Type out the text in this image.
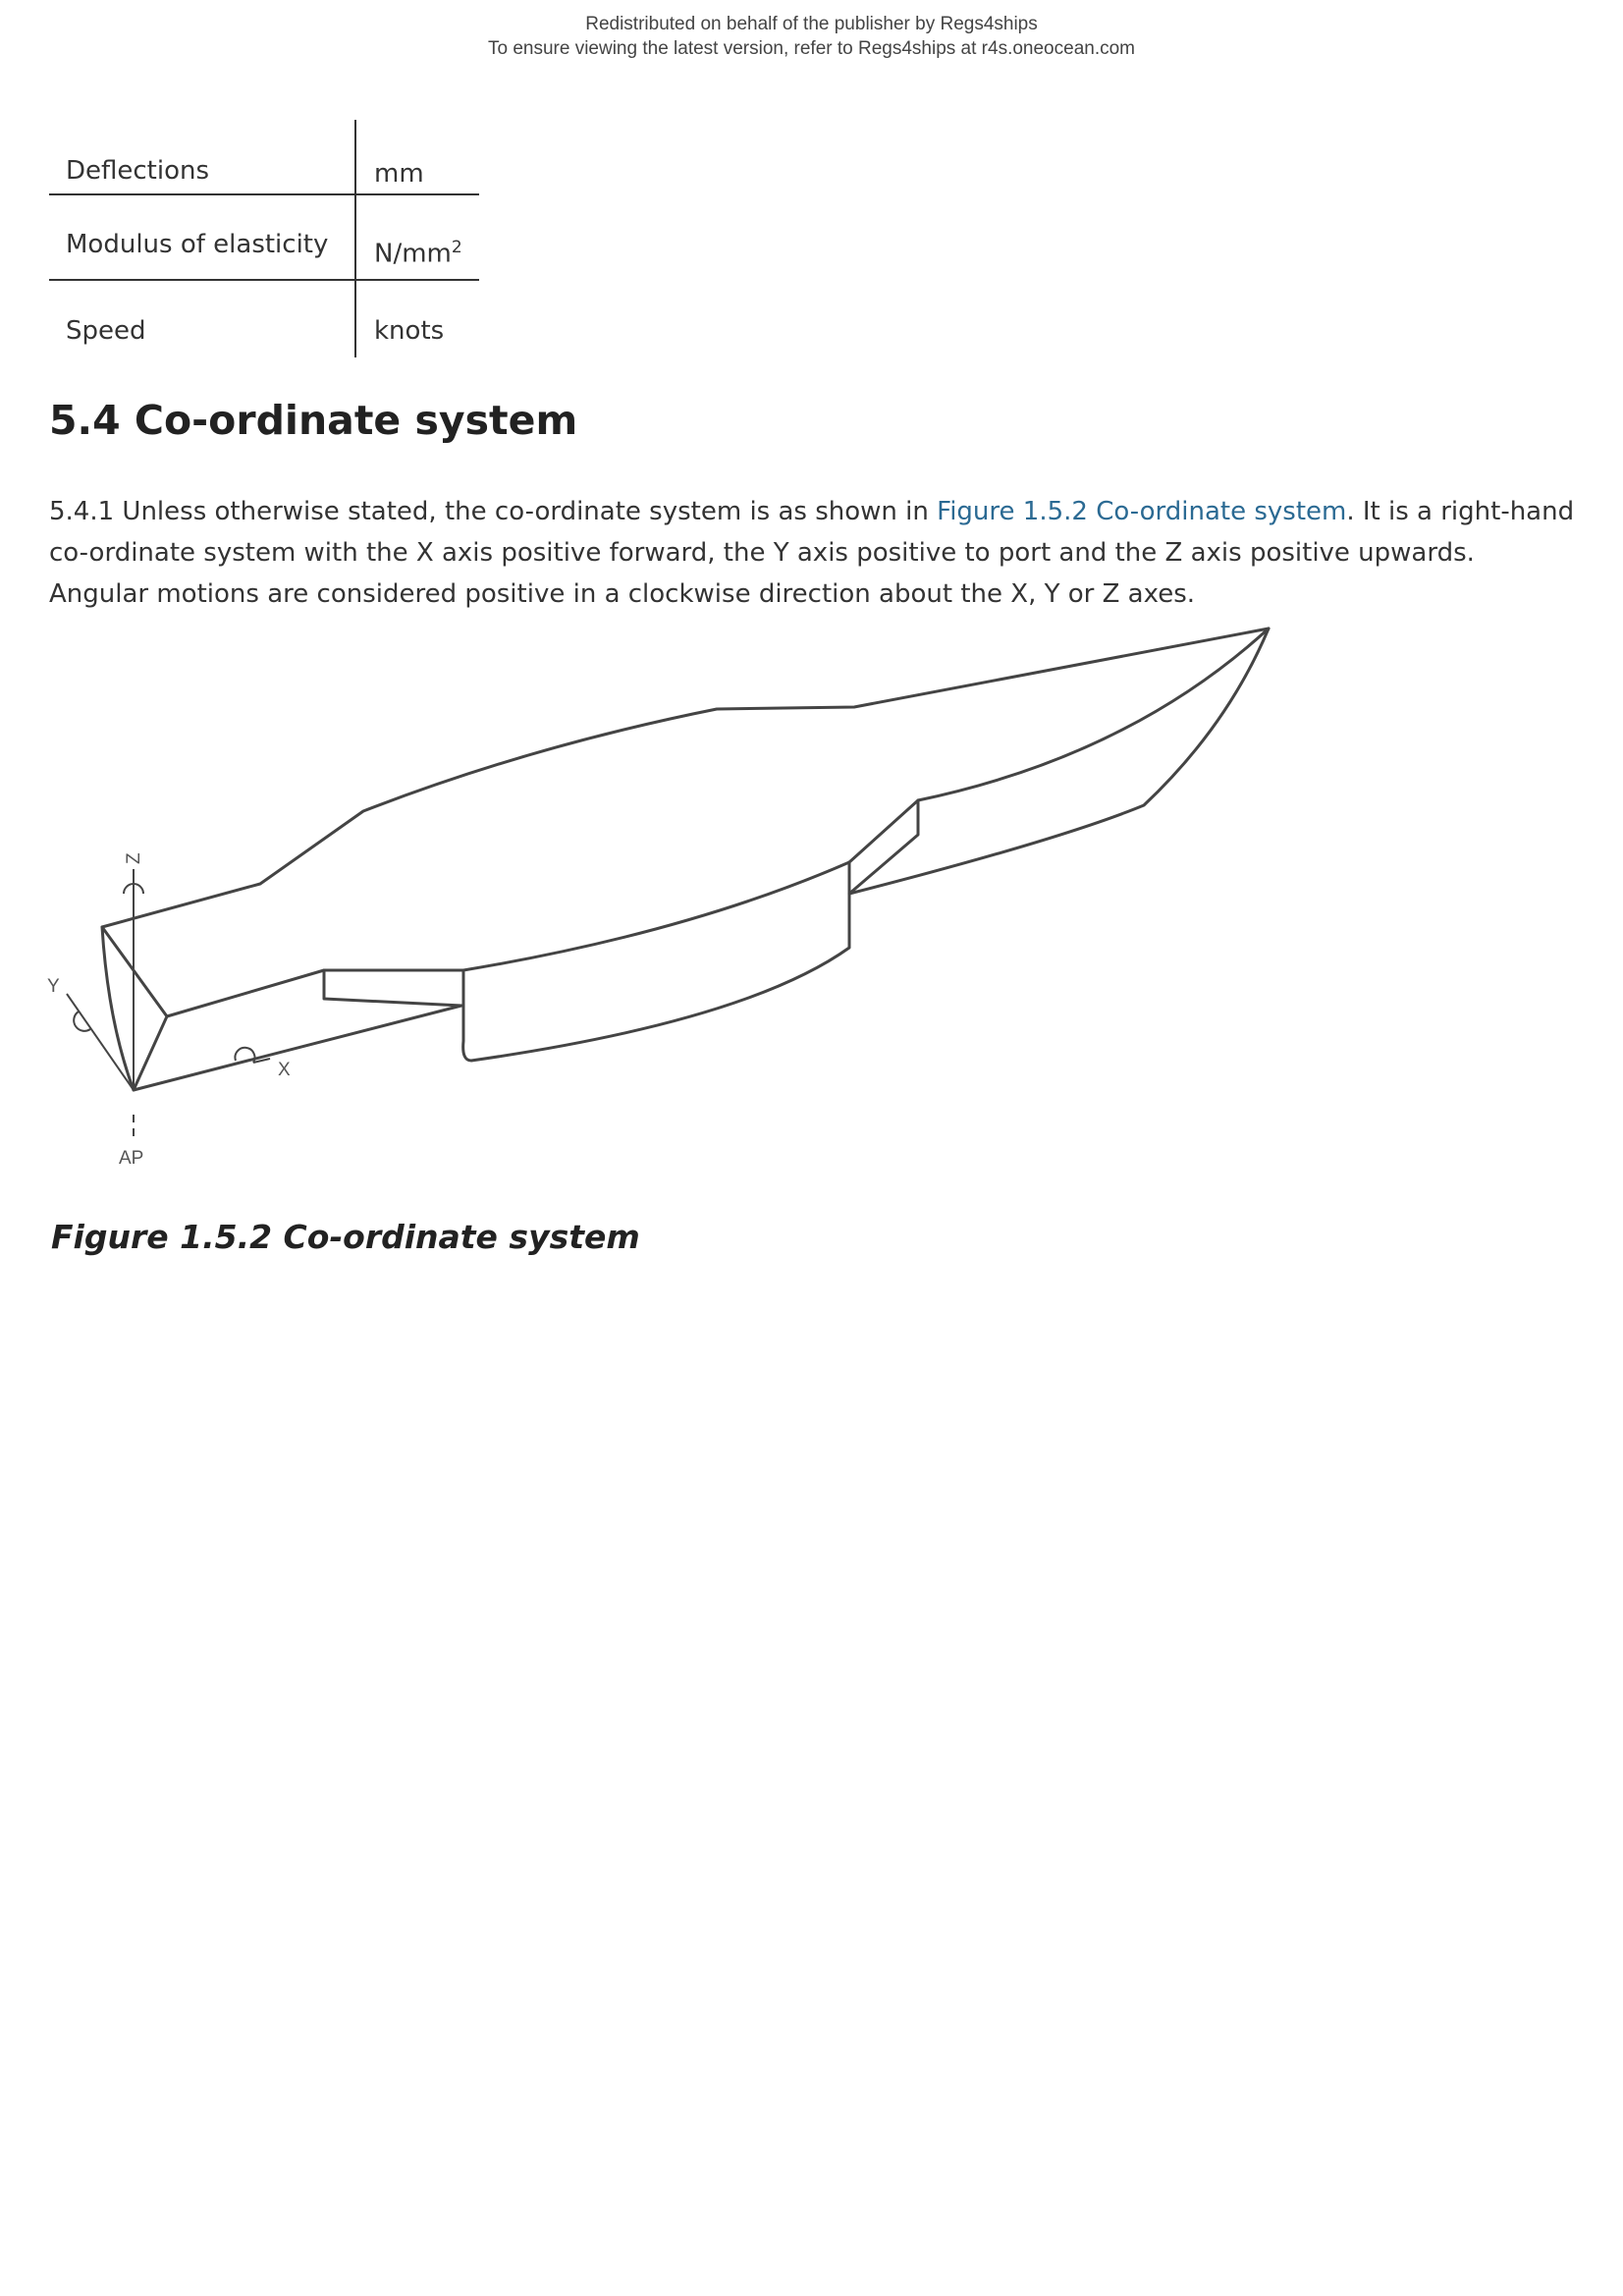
Redistributed on behalf of the publisher by Regs4ships
To ensure viewing the latest version, refer to Regs4ships at r4s.oneocean.com
Deflections	mm
Modulus of elasticity $N/mm^2$
Speed	knots
5.4 Co-ordinate system

5.4.1 Unless otherwise stated, the co-ordinate system is as shown in Figure 1.5.2 Co-ordinate system. It is a right-hand co-ordinate system with the X axis positive forward, the Y axis positive to port and the Z axis positive upwards. Angular motions are considered positive in a clockwise direction about the X, Y or Z axes.

Z
Y
X
AP

Figure 1.5.2 Co-ordinate system
